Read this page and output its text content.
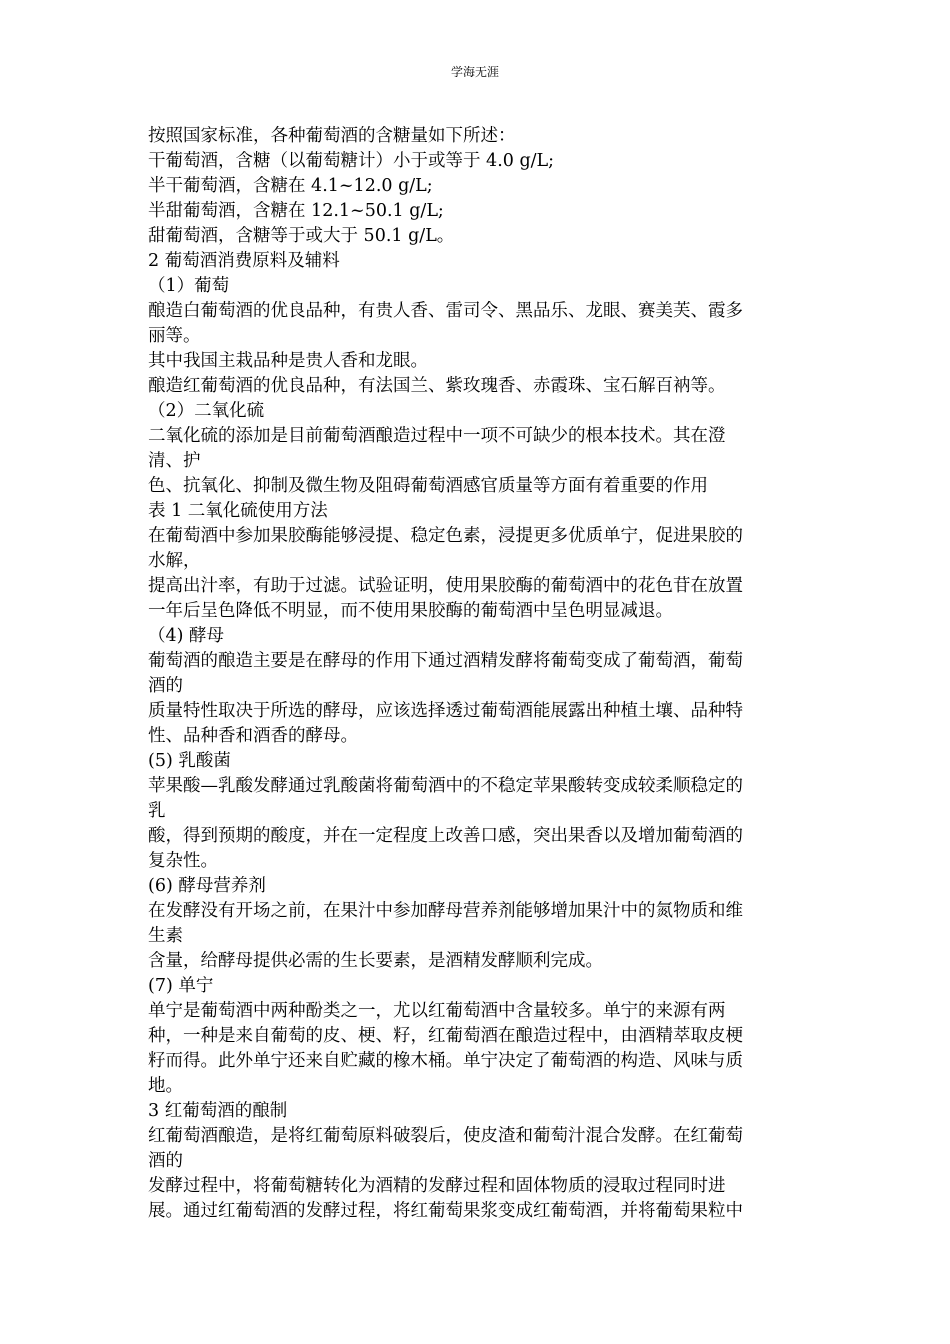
学海无涯
按照国家标准，各种葡萄酒的含糖量如下所述：
干葡萄酒，含糖（以葡萄糖计）小于或等于 4.0 g/L;
半干葡萄酒，含糖在 4.1~12.0 g/L;
半甜葡萄酒，含糖在 12.1~50.1 g/L;
甜葡萄酒，含糖等于或大于 50.1 g/L。
2 葡萄酒消费原料及辅料
（1）葡萄
酿造白葡萄酒的优良品种，有贵人香、雷司令、黑品乐、龙眼、赛美芙、霞多
丽等。
其中我国主栽品种是贵人香和龙眼。
酿造红葡萄酒的优良品种，有法国兰、紫玫瑰香、赤霞珠、宝石解百衲等。
（2）二氧化硫
二氧化硫的添加是目前葡萄酒酿造过程中一项不可缺少的根本技术。其在澄
清、护
色、抗氧化、抑制及微生物及阻碍葡萄酒感官质量等方面有着重要的作用
表 1 二氧化硫使用方法
在葡萄酒中参加果胶酶能够浸提、稳定色素，浸提更多优质单宁，促进果胶的
水解，
提高出汁率，有助于过滤。试验证明，使用果胶酶的葡萄酒中的花色苷在放置
一年后呈色降低不明显，而不使用果胶酶的葡萄酒中呈色明显减退。
（4) 酵母
葡萄酒的酿造主要是在酵母的作用下通过酒精发酵将葡萄变成了葡萄酒，葡萄
酒的
质量特性取决于所选的酵母，应该选择透过葡萄酒能展露出种植土壤、品种特
性、品种香和酒香的酵母。
(5) 乳酸菌
苹果酸—乳酸发酵通过乳酸菌将葡萄酒中的不稳定苹果酸转变成较柔顺稳定的
乳
酸，得到预期的酸度，并在一定程度上改善口感，突出果香以及增加葡萄酒的
复杂性。
(6) 酵母营养剂
在发酵没有开场之前，在果汁中参加酵母营养剂能够增加果汁中的氮物质和维
生素
含量，给酵母提供必需的生长要素，是酒精发酵顺利完成。
(7) 单宁
单宁是葡萄酒中两种酚类之一，尤以红葡萄酒中含量较多。单宁的来源有两
种，一种是来自葡萄的皮、梗、籽，红葡萄酒在酿造过程中，由酒精萃取皮梗
籽而得。此外单宁还来自贮藏的橡木桶。单宁决定了葡萄酒的构造、风味与质
地。
3 红葡萄酒的酿制
红葡萄酒酿造，是将红葡萄原料破裂后，使皮渣和葡萄汁混合发酵。在红葡萄
酒的
发酵过程中，将葡萄糖转化为酒精的发酵过程和固体物质的浸取过程同时进
展。通过红葡萄酒的发酵过程，将红葡萄果浆变成红葡萄酒，并将葡萄果粒中
